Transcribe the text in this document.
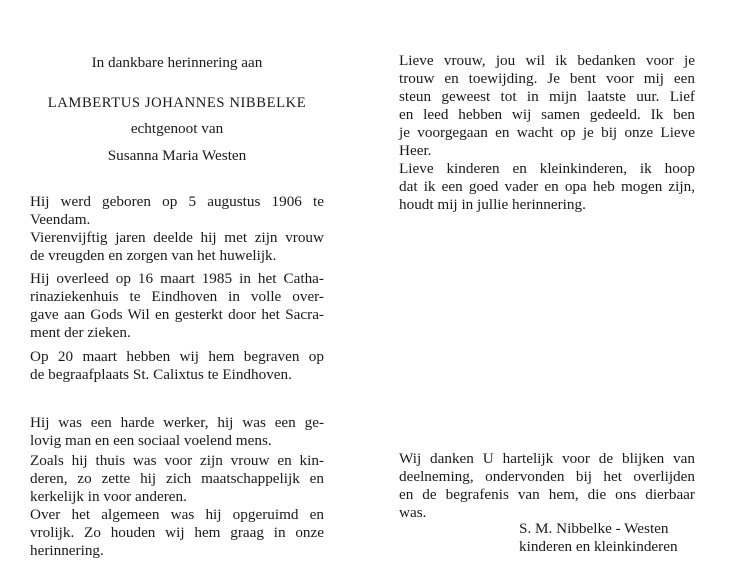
In dankbare herinnering aan
LAMBERTUS JOHANNES NIBBELKE
echtgenoot van
Susanna Maria Westen
Hij werd geboren op 5 augustus 1906 te
Veendam.
Vierenvijftig jaren deelde hij met zijn vrouw
de vreugden en zorgen van het huwelijk.
Hij overleed op 16 maart 1985 in het Catha-
rinaziekenhuis te Eindhoven in volle over-
gave aan Gods Wil en gesterkt door het Sacra-
ment der zieken.
Op 20 maart hebben wij hem begraven op
de begraafplaats St. Calixtus te Eindhoven.
Hij was een harde werker, hij was een ge-
lovig man en een sociaal voelend mens.
Zoals hij thuis was voor zijn vrouw en kin-
deren, zo zette hij zich maatschappelijk en
kerkelijk in voor anderen.
Over het algemeen was hij opgeruimd en
vrolijk. Zo houden wij hem graag in onze
herinnering.
Lieve vrouw, jou wil ik bedanken voor je
trouw en toewijding. Je bent voor mij een
steun geweest tot in mijn laatste uur. Lief
en leed hebben wij samen gedeeld. Ik ben
je voorgegaan en wacht op je bij onze Lieve
Heer.
Lieve kinderen en kleinkinderen, ik hoop
dat ik een goed vader en opa heb mogen zijn,
houdt mij in jullie herinnering.
Wij danken U hartelijk voor de blijken van
deelneming, ondervonden bij het overlijden
en de begrafenis van hem, die ons dierbaar
was.
S. M. Nibbelke - Westen
kinderen en kleinkinderen
